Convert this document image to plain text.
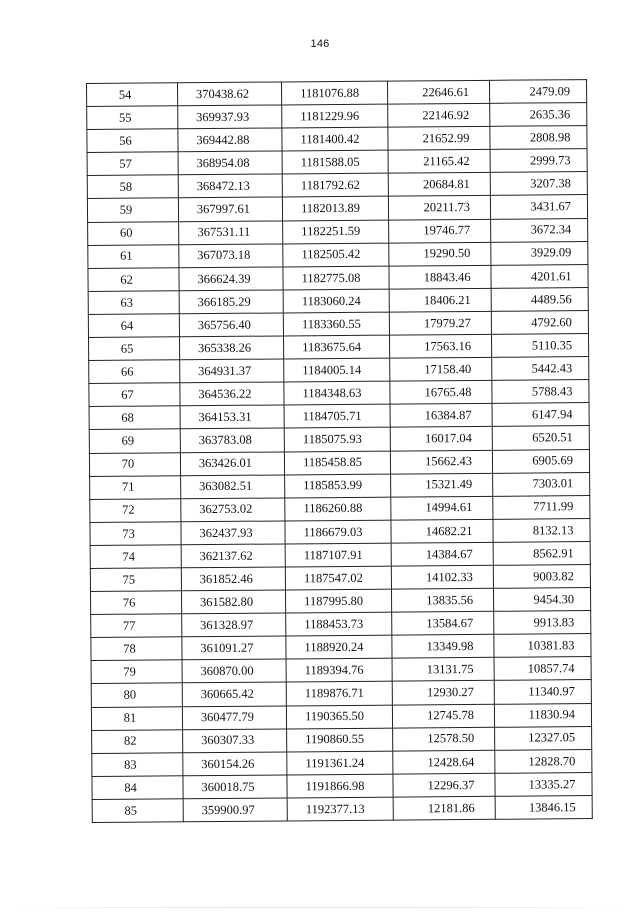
146
54	370438.62	1181076.88	22646.61	2479.09
55	369937.93	1181229.96	22146.92	2635.36
56	369442.88	1181400.42	21652.99	2808.98
57	368954.08	1181588.05	21165.42	2999.73
58	368472.13	1181792.62	20684.81	3207.38
59	367997.61	1182013.89	20211.73	3431.67
60	367531.11	1182251.59	19746.77	3672.34
61	367073.18	1182505.42	19290.50	3929.09
62	366624.39	1182775.08	18843.46	4201.61
63	366185.29	1183060.24	18406.21	4489.56
64	365756.40	1183360.55	17979.27	4792.60
65	365338.26	1183675.64	17563.16	5110.35
66	364931.37	1184005.14	17158.40	5442.43
67	364536.22	1184348.63	16765.48	5788.43
68	364153.31	1184705.71	16384.87	6147.94
69	363783.08	1185075.93	16017.04	6520.51
70	363426.01	1185458.85	15662.43	6905.69
71	363082.51	1185853.99	15321.49	7303.01
72	362753.02	1186260.88	14994.61	7711.99
73	362437.93	1186679.03	14682.21	8132.13
74	362137.62	1187107.91	14384.67	8562.91
75	361852.46	1187547.02	14102.33	9003.82
76	361582.80	1187995.80	13835.56	9454.30
77	361328.97	1188453.73	13584.67	9913.83
78	361091.27	1188920.24	13349.98	10381.83
79	360870.00	1189394.76	13131.75	10857.74
80	360665.42	1189876.71	12930.27	11340.97
81	360477.79	1190365.50	12745.78	11830.94
82	360307.33	1190860.55	12578.50	12327.05
83	360154.26	1191361.24	12428.64	12828.70
84	360018.75	1191866.98	12296.37	13335.27
85	359900.97	1192377.13	12181.86	13846.15
